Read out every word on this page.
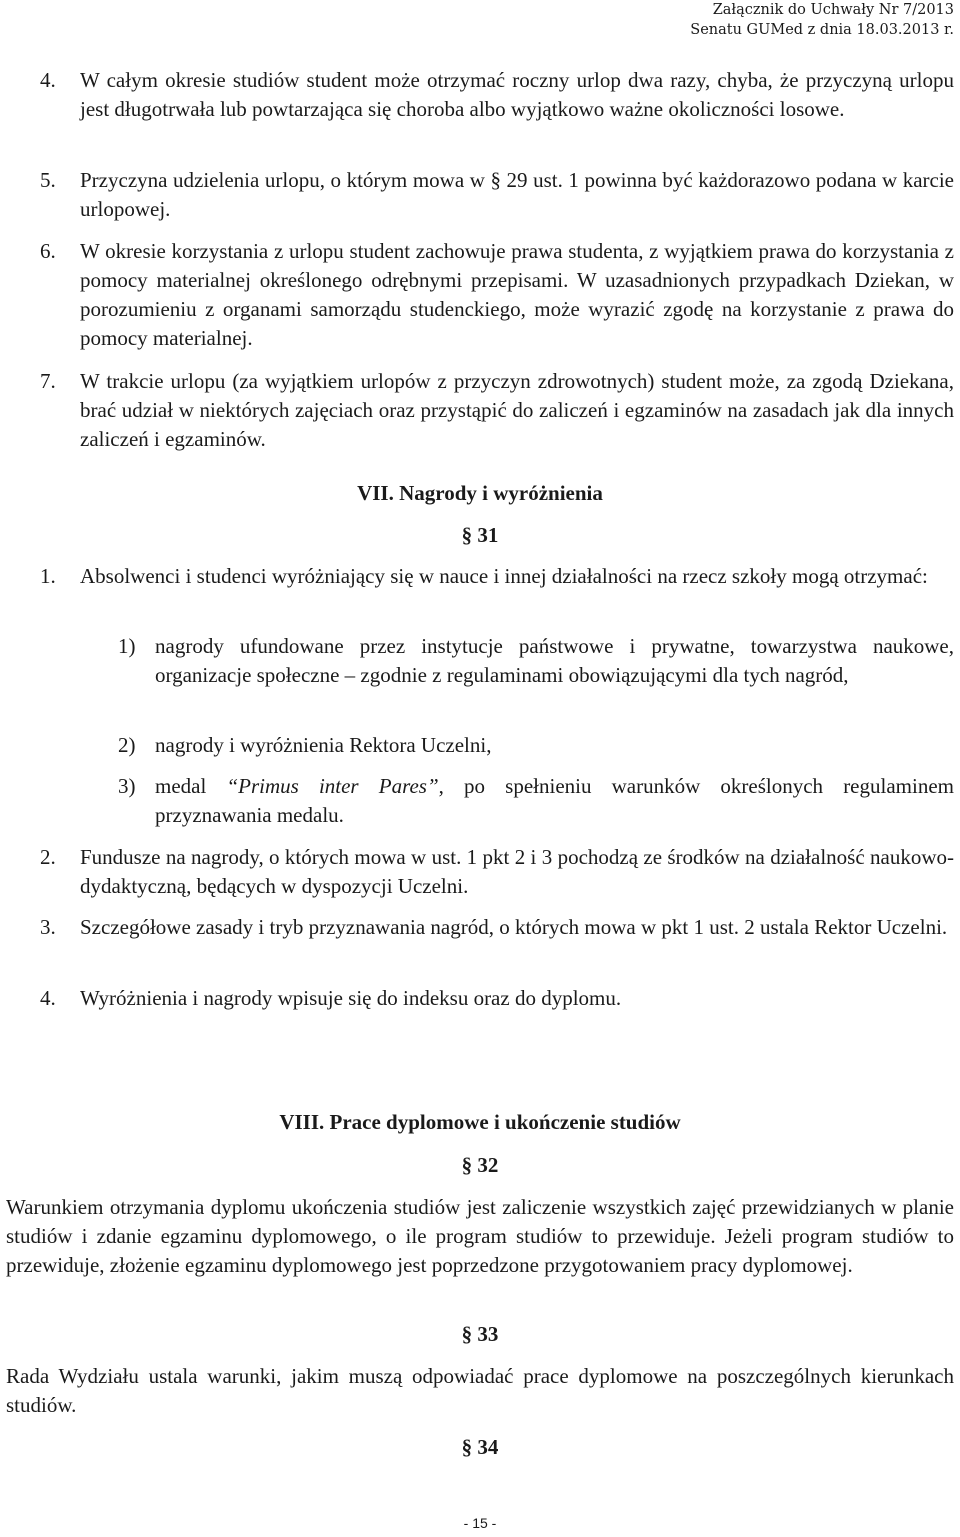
Załącznik do Uchwały Nr 7/2013
Senatu GUMed z dnia 18.03.2013 r.
4. W całym okresie studiów student może otrzymać roczny urlop dwa razy, chyba, że przyczyną urlopu jest długotrwała lub powtarzająca się choroba albo wyjątkowo ważne okoliczności losowe.
5. Przyczyna udzielenia urlopu, o którym mowa w § 29 ust. 1 powinna być każdorazowo podana w karcie urlopowej.
6. W okresie korzystania z urlopu student zachowuje prawa studenta, z wyjątkiem prawa do korzystania z pomocy materialnej określonego odrębnymi przepisami. W uzasadnionych przypadkach Dziekan, w porozumieniu z organami samorządu studenckiego, może wyrazić zgodę na korzystanie z prawa do pomocy materialnej.
7. W trakcie urlopu (za wyjątkiem urlopów z przyczyn zdrowotnych) student może, za zgodą Dziekana, brać udział w niektórych zajęciach oraz przystąpić do zaliczeń i egzaminów na zasadach jak dla innych zaliczeń i egzaminów.
VII. Nagrody i wyróżnienia
§ 31
1. Absolwenci i studenci wyróżniający się w nauce i innej działalności na rzecz szkoły mogą otrzymać:
1) nagrody ufundowane przez instytucje państwowe i prywatne, towarzystwa naukowe, organizacje społeczne – zgodnie z regulaminami obowiązującymi dla tych nagród,
2) nagrody i wyróżnienia Rektora Uczelni,
3) medal “Primus inter Pares”, po spełnieniu warunków określonych regulaminem przyznawania medalu.
2. Fundusze na nagrody, o których mowa w ust. 1 pkt 2 i 3 pochodzą ze środków na działalność naukowo-dydaktyczną, będących w dyspozycji Uczelni.
3. Szczegółowe zasady i tryb przyznawania nagród, o których mowa w pkt 1 ust. 2 ustala Rektor Uczelni.
4. Wyróżnienia i nagrody wpisuje się do indeksu oraz do dyplomu.
VIII. Prace dyplomowe i ukończenie studiów
§ 32
Warunkiem otrzymania dyplomu ukończenia studiów jest zaliczenie wszystkich zajęć przewidzianych w planie studiów i zdanie egzaminu dyplomowego, o ile program studiów to przewiduje. Jeżeli program studiów to przewiduje, złożenie egzaminu dyplomowego jest poprzedzone przygotowaniem pracy dyplomowej.
§ 33
Rada Wydziału ustala warunki, jakim muszą odpowiadać prace dyplomowe na poszczególnych kierunkach studiów.
§ 34
- 15 -
